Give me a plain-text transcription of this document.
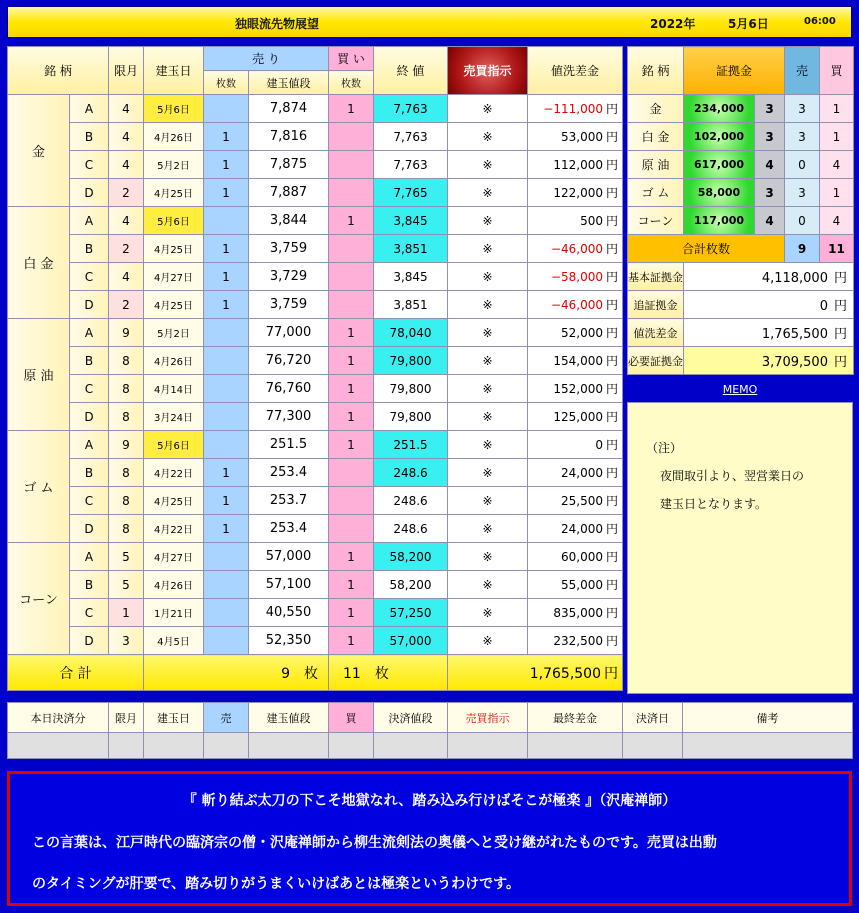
独眼流先物展望	2022年	5月6日	06:00
銘 柄		限月	建玉日	売 り		買 い	終 値	売買指示	値洗差金
				枚数	建玉値段	枚数			
金	A	4	5月6日		7,874	1	7,763	※	−111,000 円
	B	4	4月26日	1	7,816		7,763	※	53,000 円
	C	4	5月2日	1	7,875		7,763	※	112,000 円
	D	2	4月25日	1	7,887		7,765	※	122,000 円
白 金	A	4	5月6日		3,844	1	3,845	※	500 円
	B	2	4月25日	1	3,759		3,851	※	−46,000 円
	C	4	4月27日	1	3,729		3,845	※	−58,000 円
	D	2	4月25日	1	3,759		3,851	※	−46,000 円
原 油	A	9	5月2日		77,000	1	78,040	※	52,000 円
	B	8	4月26日		76,720	1	79,800	※	154,000 円
	C	8	4月14日		76,760	1	79,800	※	152,000 円
	D	8	3月24日		77,300	1	79,800	※	125,000 円
ゴ ム	A	9	5月6日		251.5	1	251.5	※	0 円
	B	8	4月22日	1	253.4		248.6	※	24,000 円
	C	8	4月25日	1	253.7		248.6	※	25,500 円
	D	8	4月22日	1	253.4		248.6	※	24,000 円
コーン	A	5	4月27日		57,000	1	58,200	※	60,000 円
	B	5	4月26日		57,100	1	58,200	※	55,000 円
	C	1	1月21日		40,550	1	57,250	※	835,000 円
	D	3	4月5日		52,350	1	57,000	※	232,500 円
合 計			9 枚			11 枚		1,765,500 円	
銘 柄	証拠金		売	買
金	234,000	3	3	1
白 金	102,000	3	3	1
原 油	617,000	4	0	4
ゴ ム	58,000	3	3	1
コーン	117,000	4	0	4
合計枚数			9	11
基本証拠金	4,118,000 円			
追証拠金	0 円			
値洗差金	1,765,500 円			
必要証拠金	3,709,500 円			
MEMO

（注）

夜間取引より、翌営業日の

建玉日となります。

本日決済分	限月	建玉日	売	建玉値段	買	決済値段	売買指示	最終差金	決済日	備考

『 斬り結ぶ太刀の下こそ地獄なれ、踏み込み行けばそこが極楽 』（沢庵禅師）

この言葉は、江戸時代の臨済宗の僧・沢庵禅師から柳生流剣法の奥儀へと受け継がれたものです。売買は出動

のタイミングが肝要で、踏み切りがうまくいけばあとは極楽というわけです。
